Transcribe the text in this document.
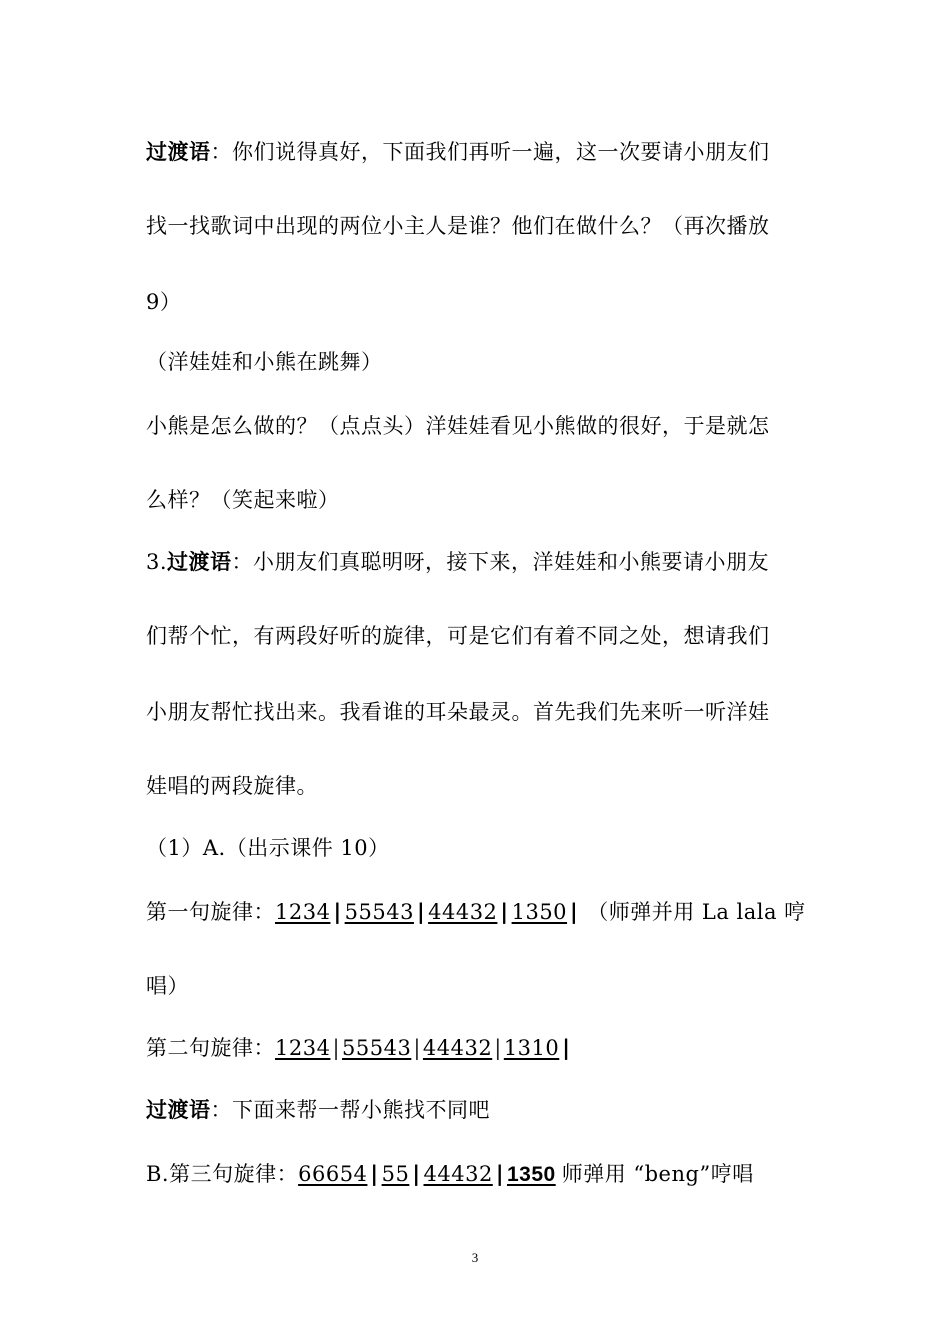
过渡语：你们说得真好，下面我们再听一遍，这一次要请小朋友们
找一找歌词中出现的两位小主人是谁？他们在做什么？（再次播放
9）
（洋娃娃和小熊在跳舞）
小熊是怎么做的？（点点头）洋娃娃看见小熊做的很好，于是就怎
么样？（笑起来啦）
3.过渡语：小朋友们真聪明呀，接下来，洋娃娃和小熊要请小朋友
们帮个忙，有两段好听的旋律，可是它们有着不同之处，想请我们
小朋友帮忙找出来。我看谁的耳朵最灵。首先我们先来听一听洋娃
娃唱的两段旋律。
（1）A.（出示课件 10）
第一句旋律：1234 | 55543 | 44432 | 1350 | （师弹并用 La lala 哼
唱）
第二句旋律：1234|55543|44432|1310 |
过渡语：下面来帮一帮小熊找不同吧
B.第三句旋律：66654 | 55 | 44432 | 1350 师弹用 “beng”哼唱
3
